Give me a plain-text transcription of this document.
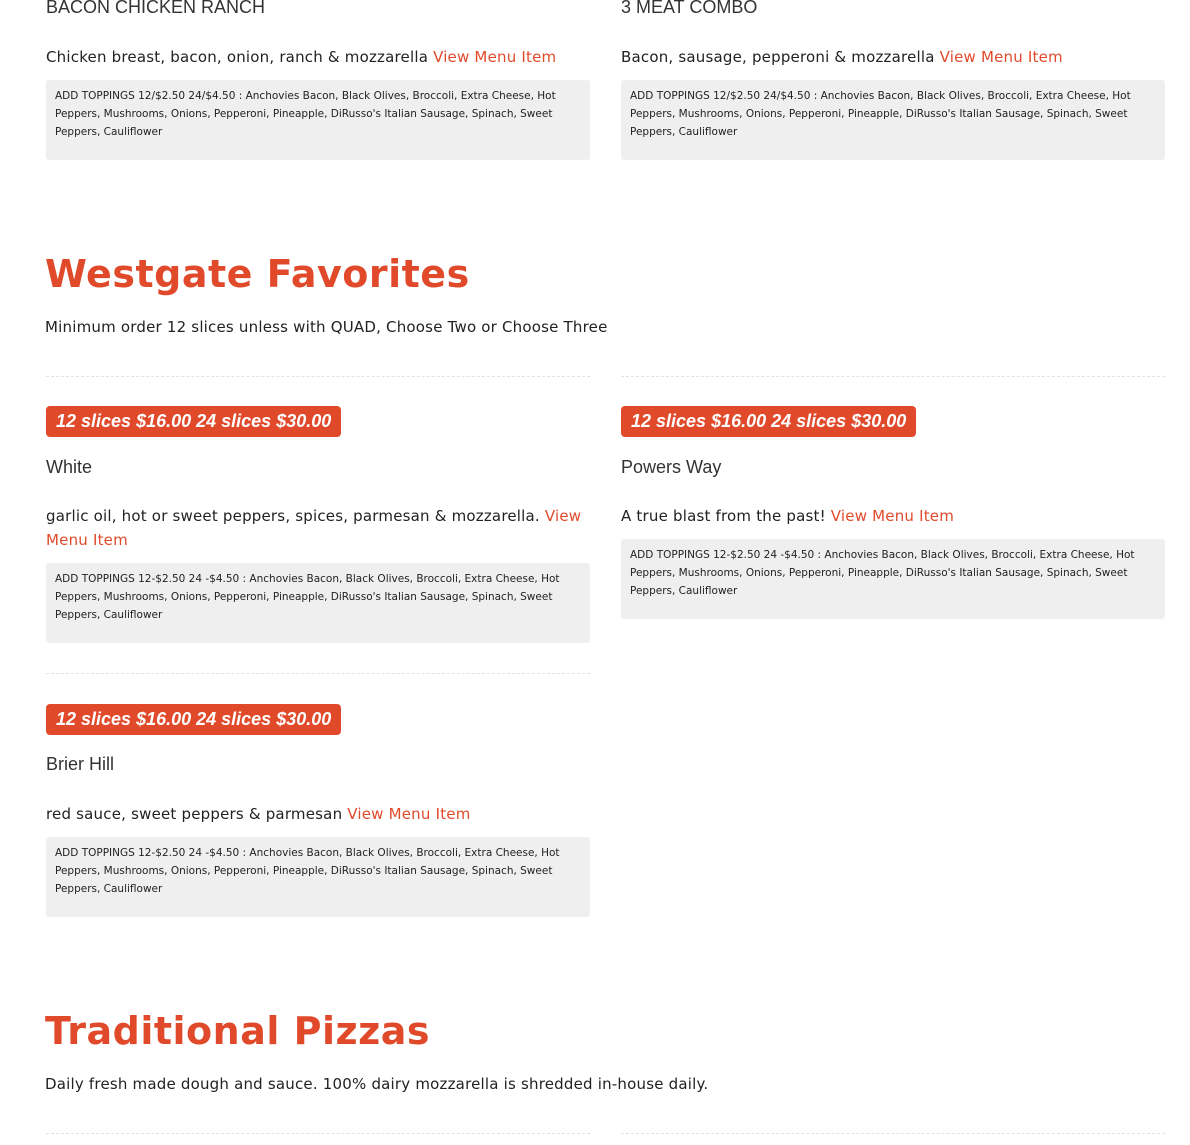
BACON CHICKEN RANCH
Chicken breast, bacon, onion, ranch & mozzarella View Menu Item
ADD TOPPINGS 12/$2.50 24/$4.50 : Anchovies Bacon, Black Olives, Broccoli, Extra Cheese, Hot Peppers, Mushrooms, Onions, Pepperoni, Pineapple, DiRusso's Italian Sausage, Spinach, Sweet Peppers, Cauliflower
3 MEAT COMBO
Bacon, sausage, pepperoni & mozzarella View Menu Item
ADD TOPPINGS 12/$2.50 24/$4.50 : Anchovies Bacon, Black Olives, Broccoli, Extra Cheese, Hot Peppers, Mushrooms, Onions, Pepperoni, Pineapple, DiRusso's Italian Sausage, Spinach, Sweet Peppers, Cauliflower
Westgate Favorites
Minimum order 12 slices unless with QUAD, Choose Two or Choose Three
12 slices $16.00 24 slices $30.00
White
garlic oil, hot or sweet peppers, spices, parmesan & mozzarella. View Menu Item
ADD TOPPINGS 12-$2.50 24 -$4.50 : Anchovies Bacon, Black Olives, Broccoli, Extra Cheese, Hot Peppers, Mushrooms, Onions, Pepperoni, Pineapple, DiRusso's Italian Sausage, Spinach, Sweet Peppers, Cauliflower
12 slices $16.00 24 slices $30.00
Powers Way
A true blast from the past! View Menu Item
ADD TOPPINGS 12-$2.50 24 -$4.50 : Anchovies Bacon, Black Olives, Broccoli, Extra Cheese, Hot Peppers, Mushrooms, Onions, Pepperoni, Pineapple, DiRusso's Italian Sausage, Spinach, Sweet Peppers, Cauliflower
12 slices $16.00 24 slices $30.00
Brier Hill
red sauce, sweet peppers & parmesan View Menu Item
ADD TOPPINGS 12-$2.50 24 -$4.50 : Anchovies Bacon, Black Olives, Broccoli, Extra Cheese, Hot Peppers, Mushrooms, Onions, Pepperoni, Pineapple, DiRusso's Italian Sausage, Spinach, Sweet Peppers, Cauliflower
Traditional Pizzas
Daily fresh made dough and sauce. 100% dairy mozzarella is shredded in-house daily.
